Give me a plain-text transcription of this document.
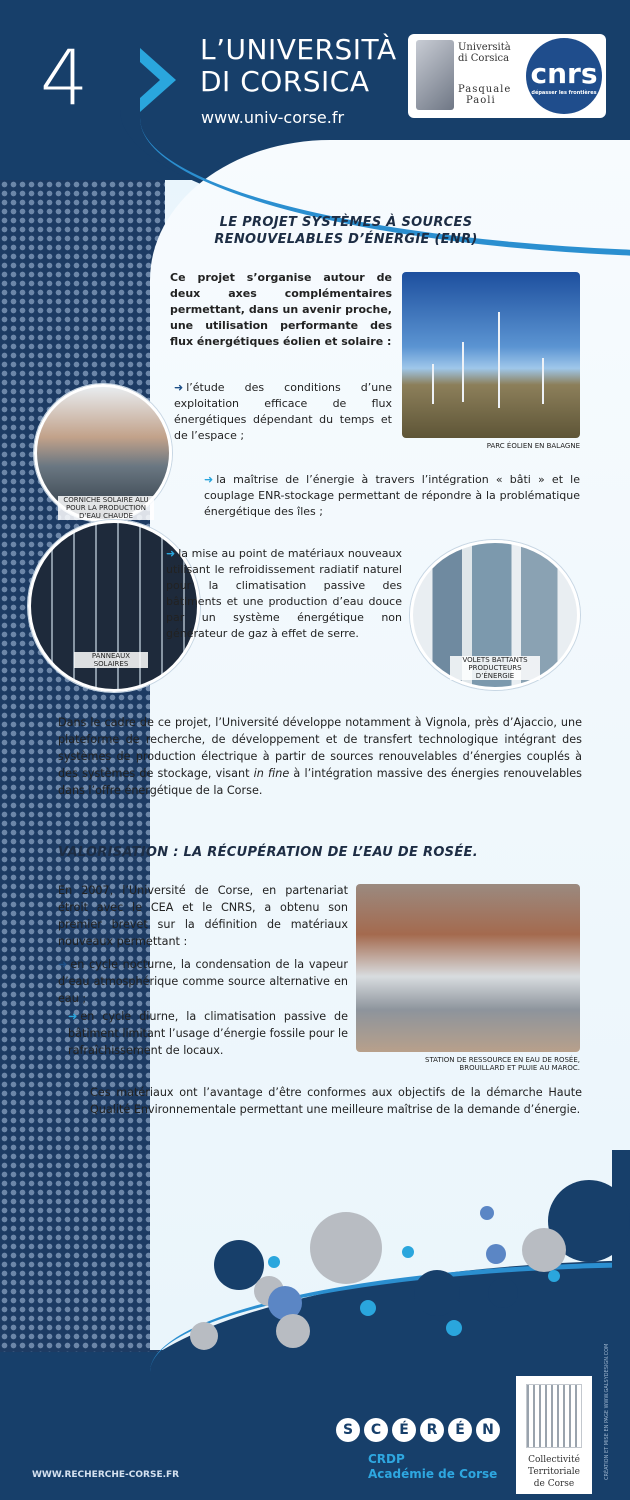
4	L’UNIVERSITÀ
DI CORSICA
www.univ-corse.fr
Università di Corsica
Pasquale
Paoli
cnrs
dépasser les frontières
LE PROJET SYSTÈMES À SOURCES RENOUVELABLES D’ÉNERGIE (ENR)
Ce projet s’organise autour de deux axes complémentaires permettant, dans un avenir proche, une utilisation performante des flux énergétiques éolien et solaire :
PARC ÉOLIEN EN BALAGNE
➜ l’étude des conditions d’une exploitation efficace de flux énergétiques dépendant du temps et de l’espace ;
CORNICHE SOLAIRE ALU POUR LA PRODUCTION D’EAU CHAUDE
➜ la maîtrise de l’énergie à travers l’intégration « bâti » et le couplage ENR-stockage permettant de répondre à la problématique énergétique des îles ;
PANNEAUX SOLAIRES
➜ la mise au point de matériaux nouveaux utilisant le refroidissement radiatif naturel pour la climatisation passive des bâtiments et une production d’eau douce par un système énergétique non générateur de gaz à effet de serre.
VOLETS BATTANTS PRODUCTEURS D’ÉNERGIE
Dans le cadre de ce projet, l’Université développe notamment à Vignola, près d’Ajaccio, une plateforme de recherche, de développement et de transfert technologique intégrant des systèmes de production électrique à partir de sources renouvelables d’énergies couplés à des systèmes de stockage, visant in fine à l’intégration massive des énergies renouvelables dans l’offre énergétique de la Corse.
VALORISATION : LA RÉCUPÉRATION DE L’EAU DE ROSÉE.
En 2007, l’Université de Corse, en partenariat étroit avec le CEA et le CNRS, a obtenu son premier brevet sur la définition de matériaux nouveaux permettant :
➜ en cycle nocturne, la condensation de la vapeur d’eau atmosphérique comme source alternative en eau ;
➜ en cycle diurne, la climatisation passive de bâtiment limitant l’usage d’énergie fossile pour le rafraîchissement de locaux.
STATION DE RESSOURCE EN EAU DE ROSÉE, BROUILLARD ET PLUIE AU MAROC.
Ces matériaux ont l’avantage d’être conformes aux objectifs de la démarche Haute Qualité Environnementale permettant une meilleure maîtrise de la demande d’énergie.
CRÉATION ET MISE EN PAGE WWW.GALSYDESIGN.COM
WWW.RECHERCHE-CORSE.FR
S	C	É	R	É	N
CRDP
Académie de Corse
Collectivité
Territoriale
de Corse
